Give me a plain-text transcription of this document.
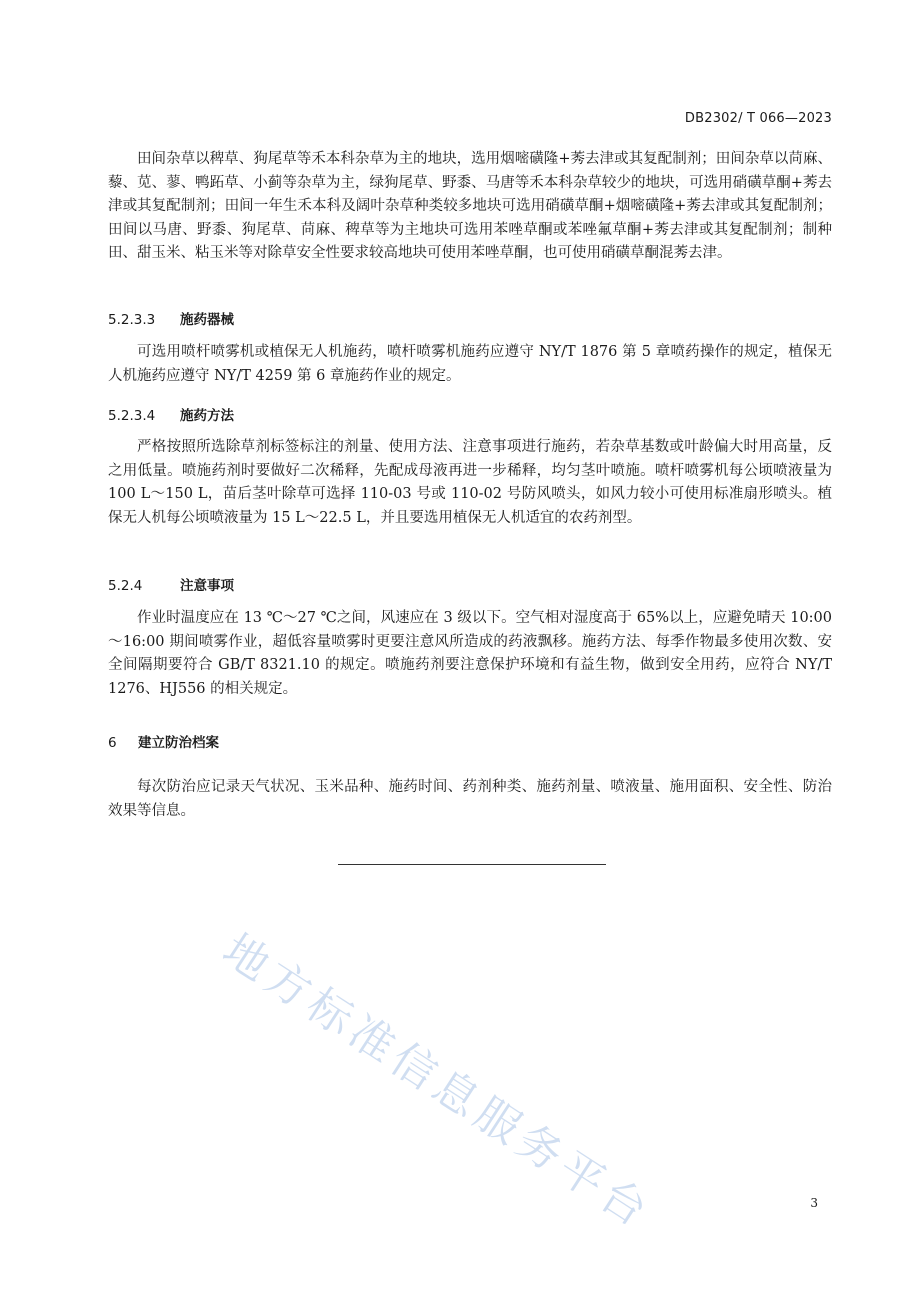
DB2302/ T 066—2023

田间杂草以稗草、狗尾草等禾本科杂草为主的地块，选用烟嘧磺隆+莠去津或其复配制剂；田间杂草以苘麻、藜、苋、蓼、鸭跖草、小蓟等杂草为主，绿狗尾草、野黍、马唐等禾本科杂草较少的地块，可选用硝磺草酮+莠去津或其复配制剂；田间一年生禾本科及阔叶杂草种类较多地块可选用硝磺草酮+烟嘧磺隆+莠去津或其复配制剂；田间以马唐、野黍、狗尾草、苘麻、稗草等为主地块可选用苯唑草酮或苯唑氟草酮+莠去津或其复配制剂；制种田、甜玉米、粘玉米等对除草安全性要求较高地块可使用苯唑草酮，也可使用硝磺草酮混莠去津。

5.2.3.3 施药器械

可选用喷杆喷雾机或植保无人机施药，喷杆喷雾机施药应遵守 NY/T 1876 第 5 章喷药操作的规定，植保无人机施药应遵守 NY/T 4259 第 6 章施药作业的规定。

5.2.3.4 施药方法

严格按照所选除草剂标签标注的剂量、使用方法、注意事项进行施药，若杂草基数或叶龄偏大时用高量，反之用低量。喷施药剂时要做好二次稀释，先配成母液再进一步稀释，均匀茎叶喷施。喷杆喷雾机每公顷喷液量为 100 L～150 L，苗后茎叶除草可选择 110-03 号或 110-02 号防风喷头，如风力较小可使用标准扇形喷头。植保无人机每公顷喷液量为 15 L～22.5 L，并且要选用植保无人机适宜的农药剂型。

5.2.4	注意事项

作业时温度应在 13 ℃～27 ℃之间，风速应在 3 级以下。空气相对湿度高于 65%以上，应避免晴天 10:00～16:00 期间喷雾作业，超低容量喷雾时更要注意风所造成的药液飘移。施药方法、每季作物最多使用次数、安全间隔期要符合 GB/T 8321.10 的规定。喷施药剂要注意保护环境和有益生物，做到安全用药，应符合 NY/T 1276、HJ556 的相关规定。

6 建立防治档案

每次防治应记录天气状况、玉米品种、施药时间、药剂种类、施药剂量、喷液量、施用面积、安全性、防治效果等信息。

地方标准信息服务平台	3
